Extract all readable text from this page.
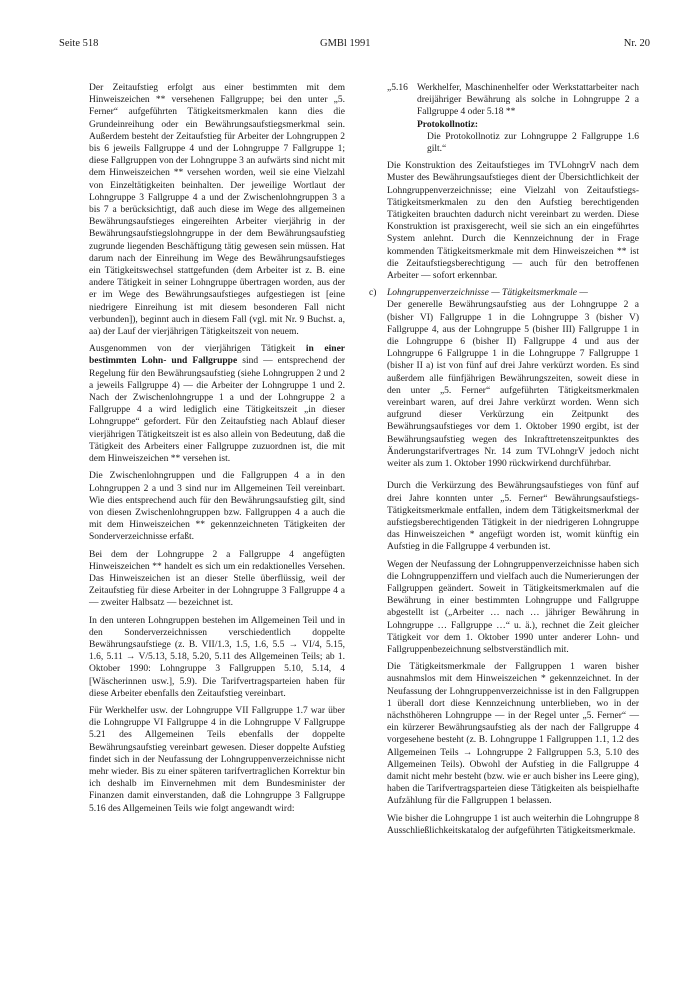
Seite 518	GMBl 1991	Nr. 20

Der Zeitaufstieg erfolgt aus einer bestimmten mit dem Hinweiszeichen ** versehenen Fallgruppe; bei den unter „5. Ferner“ aufgeführten Tätigkeitsmerkmalen kann dies die Grundeinreihung oder ein Bewährungsaufstiegsmerkmal sein. Außerdem besteht der Zeitaufstieg für Arbeiter der Lohngruppen 2 bis 6 jeweils Fallgruppe 4 und der Lohngruppe 7 Fallgruppe 1; diese Fallgruppen von der Lohngruppe 3 an aufwärts sind nicht mit dem Hinweiszeichen ** versehen worden, weil sie eine Vielzahl von Einzeltätigkeiten beinhalten. Der jeweilige Wortlaut der Lohngruppe 3 Fallgruppe 4 a und der Zwischenlohngruppen 3 a bis 7 a berücksichtigt, daß auch diese im Wege des allgemeinen Bewährungsaufstieges eingereihten Arbeiter vierjährig in der Bewährungsaufstiegslohngruppe in der dem Bewährungsaufstieg zugrunde liegenden Beschäftigung tätig gewesen sein müssen. Hat darum nach der Einreihung im Wege des Bewährungsaufstieges ein Tätigkeitswechsel stattgefunden (dem Arbeiter ist z. B. eine andere Tätigkeit in seiner Lohngruppe übertragen worden, aus der er im Wege des Bewährungsaufstieges aufgestiegen ist [eine niedrigere Einreihung ist mit diesem besonderen Fall nicht verbunden]), beginnt auch in diesem Fall (vgl. mit Nr. 9 Buchst. a, aa) der Lauf der vierjährigen Tätigkeitszeit von neuem.

Ausgenommen von der vierjährigen Tätigkeit in einer bestimmten Lohn- und Fallgruppe sind — entsprechend der Regelung für den Bewährungsaufstieg (siehe Lohngruppen 2 und 2 a jeweils Fallgruppe 4) — die Arbeiter der Lohngruppe 1 und 2. Nach der Zwischenlohngruppe 1 a und der Lohngruppe 2 a Fallgruppe 4 a wird lediglich eine Tätigkeitszeit „in dieser Lohngruppe“ gefordert. Für den Zeitaufstieg nach Ablauf dieser vierjährigen Tätigkeitszeit ist es also allein von Bedeutung, daß die Tätigkeit des Arbeiters einer Fallgruppe zuzuordnen ist, die mit dem Hinweiszeichen ** versehen ist.

Die Zwischenlohngruppen und die Fallgruppen 4 a in den Lohngruppen 2 a und 3 sind nur im Allgemeinen Teil vereinbart. Wie dies entsprechend auch für den Bewährungsaufstieg gilt, sind von diesen Zwischenlohngruppen bzw. Fallgruppen 4 a auch die mit dem Hinweiszeichen ** gekennzeichneten Tätigkeiten der Sonderverzeichnisse erfaßt.

Bei dem der Lohngruppe 2 a Fallgruppe 4 angefügten Hinweiszeichen ** handelt es sich um ein redaktionelles Versehen. Das Hinweiszeichen ist an dieser Stelle überflüssig, weil der Zeitaufstieg für diese Arbeiter in der Lohngruppe 3 Fallgruppe 4 a — zweiter Halbsatz — bezeichnet ist.

In den unteren Lohngruppen bestehen im Allgemeinen Teil und in den Sonderverzeichnissen verschiedentlich doppelte Bewährungsaufstiege (z. B. VII/1.3, 1.5, 1.6, 5.5 → VI/4, 5.15, 1.6, 5.11 → V/5.13, 5.18, 5.20, 5.11 des Allgemeinen Teils; ab 1. Oktober 1990: Lohngruppe 3 Fallgruppen 5.10, 5.14, 4 [Wäscherinnen usw.], 5.9). Die Tarifvertragsparteien haben für diese Arbeiter ebenfalls den Zeitaufstieg vereinbart.

Für Werkhelfer usw. der Lohngruppe VII Fallgruppe 1.7 war über die Lohngruppe VI Fallgruppe 4 in die Lohngruppe V Fallgruppe 5.21 des Allgemeinen Teils ebenfalls der doppelte Bewährungsaufstieg vereinbart gewesen. Dieser doppelte Aufstieg findet sich in der Neufassung der Lohngruppenverzeichnisse nicht mehr wieder. Bis zu einer späteren tarifvertraglichen Korrektur bin ich deshalb im Einvernehmen mit dem Bundesminister der Finanzen damit einverstanden, daß die Lohngruppe 3 Fallgruppe 5.16 des Allgemeinen Teils wie folgt angewandt wird:

„5.16 Werkhelfer, Maschinenhelfer oder Werkstattarbeiter nach dreijähriger Bewährung als solche in Lohngruppe 2 a Fallgruppe 4 oder 5.18 **
Protokollnotiz:
Die Protokollnotiz zur Lohngruppe 2 Fallgruppe 1.6 gilt.“

Die Konstruktion des Zeitaufstieges im TVLohngrV nach dem Muster des Bewährungsaufstieges dient der Übersichtlichkeit der Lohngruppenverzeichnisse; eine Vielzahl von Zeitaufstiegs-Tätigkeitsmerkmalen zu den den Aufstieg berechtigenden Tätigkeiten brauchten dadurch nicht vereinbart zu werden. Diese Konstruktion ist praxisgerecht, weil sie sich an ein eingeführtes System anlehnt. Durch die Kennzeichnung der in Frage kommenden Tätigkeitsmerkmale mit dem Hinweiszeichen ** ist die Zeitaufstiegsberechtigung — auch für den betroffenen Arbeiter — sofort erkennbar.

c)	Lohngruppenverzeichnisse — Tätigkeitsmerkmale —

Der generelle Bewährungsaufstieg aus der Lohngruppe 2 a (bisher VI) Fallgruppe 1 in die Lohngruppe 3 (bisher V) Fallgruppe 4, aus der Lohngruppe 5 (bisher III) Fallgruppe 1 in die Lohngruppe 6 (bisher II) Fallgruppe 4 und aus der Lohngruppe 6 Fallgruppe 1 in die Lohngruppe 7 Fallgruppe 1 (bisher II a) ist von fünf auf drei Jahre verkürzt worden. Es sind außerdem alle fünfjährigen Bewährungszeiten, soweit diese in den unter „5. Ferner“ aufgeführten Tätigkeitsmerkmalen vereinbart waren, auf drei Jahre verkürzt worden. Wenn sich aufgrund dieser Verkürzung ein Zeitpunkt des Bewährungsaufstieges vor dem 1. Oktober 1990 ergibt, ist der Bewährungsaufstieg wegen des Inkrafttretenszeitpunktes des Änderungstarifvertrages Nr. 14 zum TVLohngrV jedoch nicht weiter als zum 1. Oktober 1990 rückwirkend durchführbar.

Durch die Verkürzung des Bewährungsaufstieges von fünf auf drei Jahre konnten unter „5. Ferner“ Bewährungsaufstiegs-Tätigkeitsmerkmale entfallen, indem dem Tätigkeitsmerkmal der aufstiegsberechtigenden Tätigkeit in der niedrigeren Lohngruppe das Hinweiszeichen * angefügt worden ist, womit künftig ein Aufstieg in die Fallgruppe 4 verbunden ist.

Wegen der Neufassung der Lohngruppenverzeichnisse haben sich die Lohngruppenziffern und vielfach auch die Numerierungen der Fallgruppen geändert. Soweit in Tätigkeitsmerkmalen auf die Bewährung in einer bestimmten Lohngruppe und Fallgruppe abgestellt ist („Arbeiter … nach … jähriger Bewährung in Lohngruppe … Fallgruppe …“ u. ä.), rechnet die Zeit gleicher Tätigkeit vor dem 1. Oktober 1990 unter anderer Lohn- und Fallgruppenbezeichnung selbstverständlich mit.

Die Tätigkeitsmerkmale der Fallgruppen 1 waren bisher ausnahmslos mit dem Hinweiszeichen * gekennzeichnet. In der Neufassung der Lohngruppenverzeichnisse ist in den Fallgruppen 1 überall dort diese Kennzeichnung unterblieben, wo in der nächsthöheren Lohngruppe — in der Regel unter „5. Ferner“ — ein kürzerer Bewährungsaufstieg als der nach der Fallgruppe 4 vorgesehene besteht (z. B. Lohngruppe 1 Fallgruppen 1.1, 1.2 des Allgemeinen Teils → Lohngruppe 2 Fallgruppen 5.3, 5.10 des Allgemeinen Teils). Obwohl der Aufstieg in die Fallgruppe 4 damit nicht mehr besteht (bzw. wie er auch bisher ins Leere ging), haben die Tarifvertragsparteien diese Tätigkeiten als beispielhafte Aufzählung für die Fallgruppen 1 belassen.

Wie bisher die Lohngruppe 1 ist auch weiterhin die Lohngruppe 8 Ausschließlichkeitskatalog der aufgeführten Tätigkeitsmerkmale.
